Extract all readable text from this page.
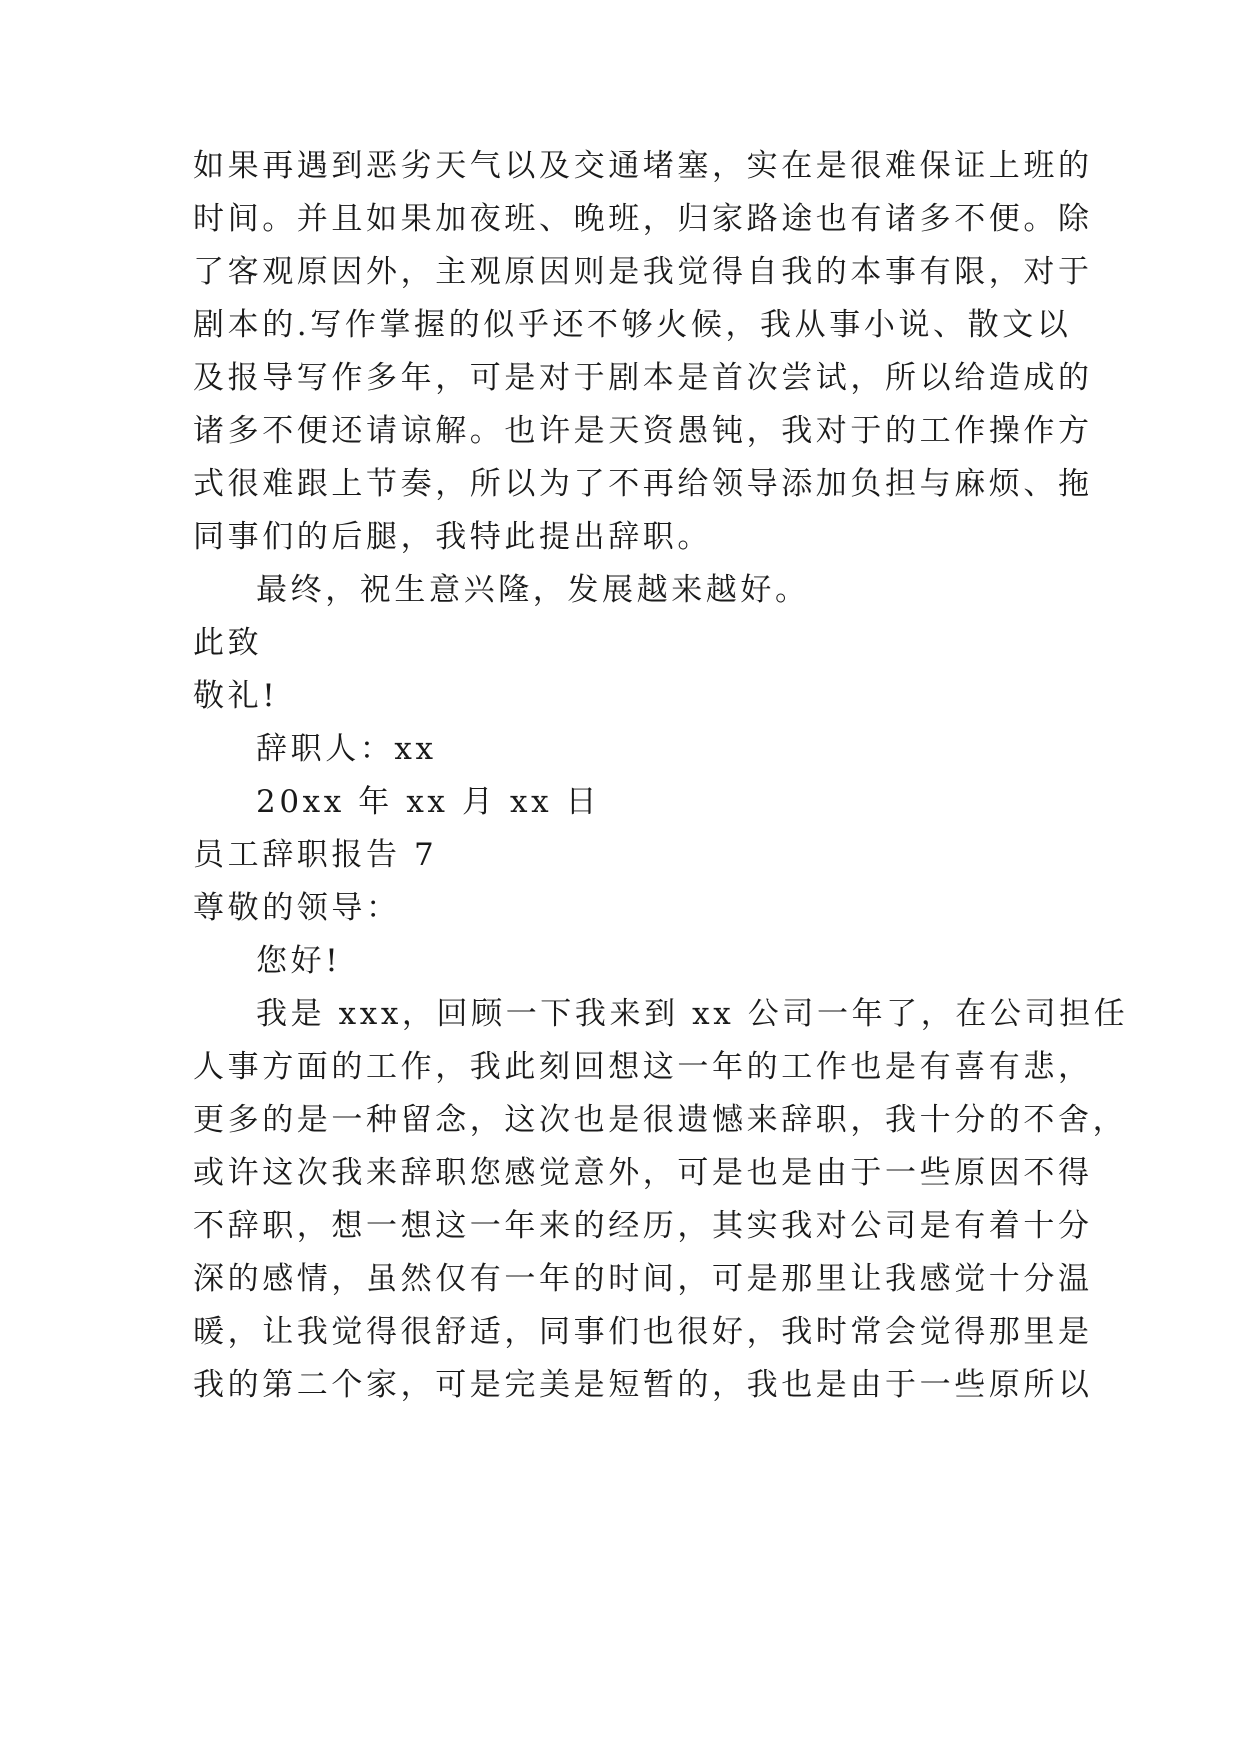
如果再遇到恶劣天气以及交通堵塞，实在是很难保证上班的
时间。并且如果加夜班、晚班，归家路途也有诸多不便。除
了客观原因外，主观原因则是我觉得自我的本事有限，对于
剧本的.写作掌握的似乎还不够火候，我从事小说、散文以
及报导写作多年，可是对于剧本是首次尝试，所以给造成的
诸多不便还请谅解。也许是天资愚钝，我对于的工作操作方
式很难跟上节奏，所以为了不再给领导添加负担与麻烦、拖
同事们的后腿，我特此提出辞职。
最终，祝生意兴隆，发展越来越好。
此致
敬礼!
辞职人：xx
20xx 年 xx 月 xx 日
员工辞职报告 7
尊敬的领导：
您好!
我是 xxx，回顾一下我来到 xx 公司一年了，在公司担任
人事方面的工作，我此刻回想这一年的工作也是有喜有悲，
更多的是一种留念，这次也是很遗憾来辞职，我十分的不舍，
或许这次我来辞职您感觉意外，可是也是由于一些原因不得
不辞职，想一想这一年来的经历，其实我对公司是有着十分
深的感情，虽然仅有一年的时间，可是那里让我感觉十分温
暖，让我觉得很舒适，同事们也很好，我时常会觉得那里是
我的第二个家，可是完美是短暂的，我也是由于一些原所以
